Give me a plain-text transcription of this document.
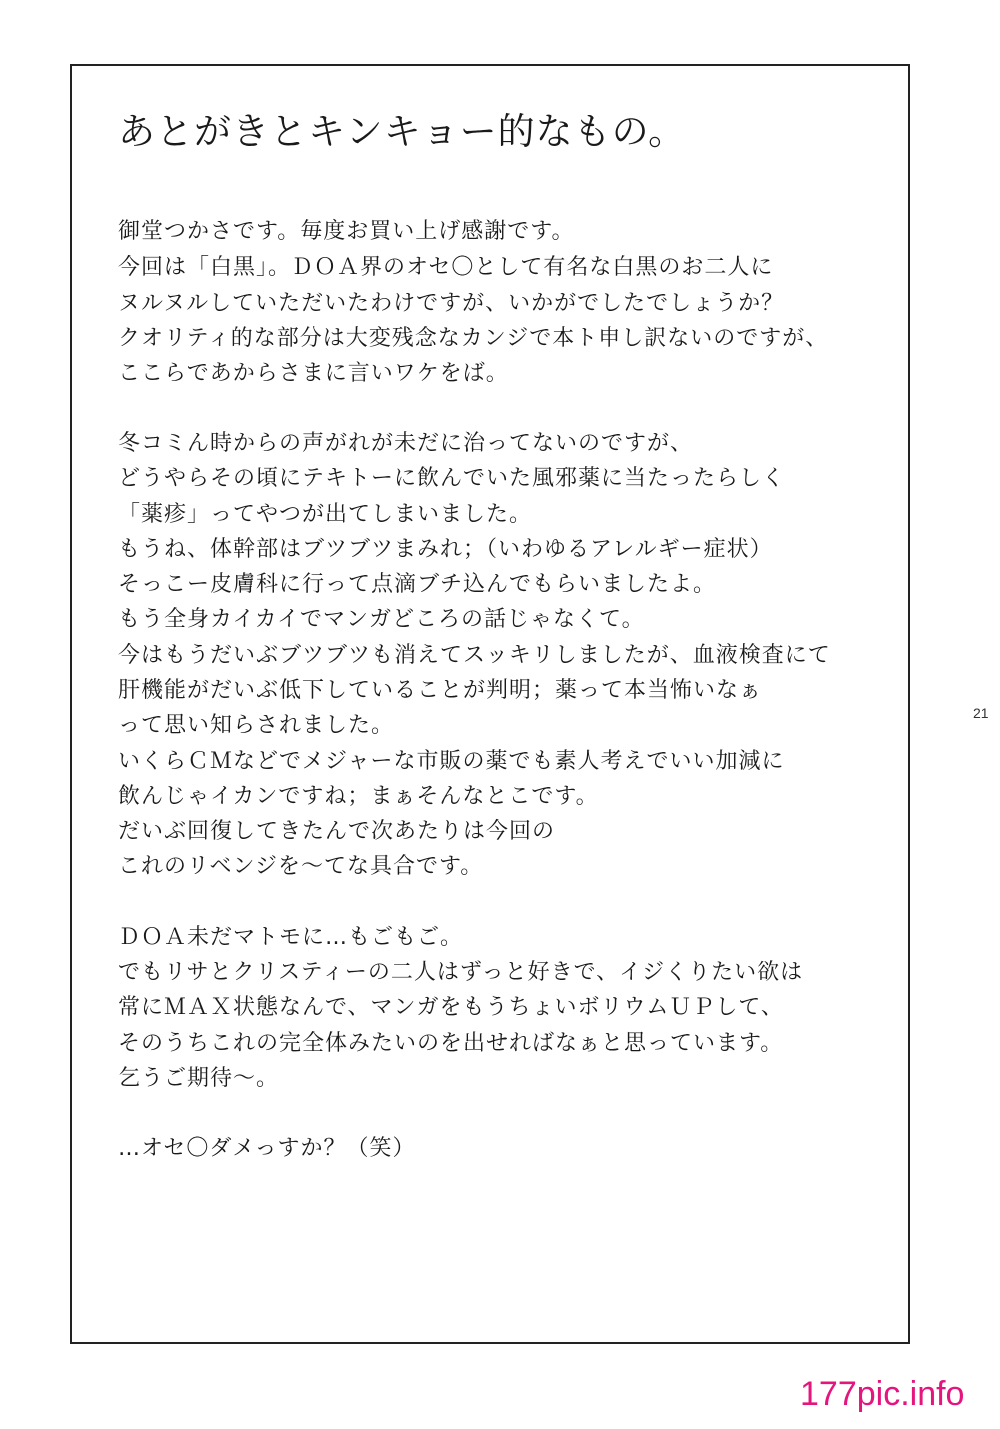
あとがきとキンキョー的なもの。
御堂つかさです。毎度お買い上げ感謝です。
今回は「白黒」。ＤＯＡ界のオセ〇として有名な白黒のお二人に
ヌルヌルしていただいたわけですが、いかがでしたでしょうか？
クオリティ的な部分は大変残念なカンジで本ト申し訳ないのですが、
ここらであからさまに言いワケをば。
冬コミん時からの声がれが未だに治ってないのですが、
どうやらその頃にテキトーに飲んでいた風邪薬に当たったらしく
「薬疹」ってやつが出てしまいました。
もうね、体幹部はブツブツまみれ；（いわゆるアレルギー症状）
そっこー皮膚科に行って点滴ブチ込んでもらいましたよ。
もう全身カイカイでマンガどころの話じゃなくて。
今はもうだいぶブツブツも消えてスッキリしましたが、血液検査にて
肝機能がだいぶ低下していることが判明；薬って本当怖いなぁ
って思い知らされました。
いくらＣＭなどでメジャーな市販の薬でも素人考えでいい加減に
飲んじゃイカンですね；まぁそんなとこです。
だいぶ回復してきたんで次あたりは今回の
これのリベンジを～てな具合です。
ＤＯＡ未だマトモに…もごもご。
でもリサとクリスティーの二人はずっと好きで、イジくりたい欲は
常にＭＡＸ状態なんで、マンガをもうちょいボリウムＵＰして、
そのうちこれの完全体みたいのを出せればなぁと思っています。
乞うご期待～。
…オセ〇ダメっすか？（笑）
21
177pic.info
